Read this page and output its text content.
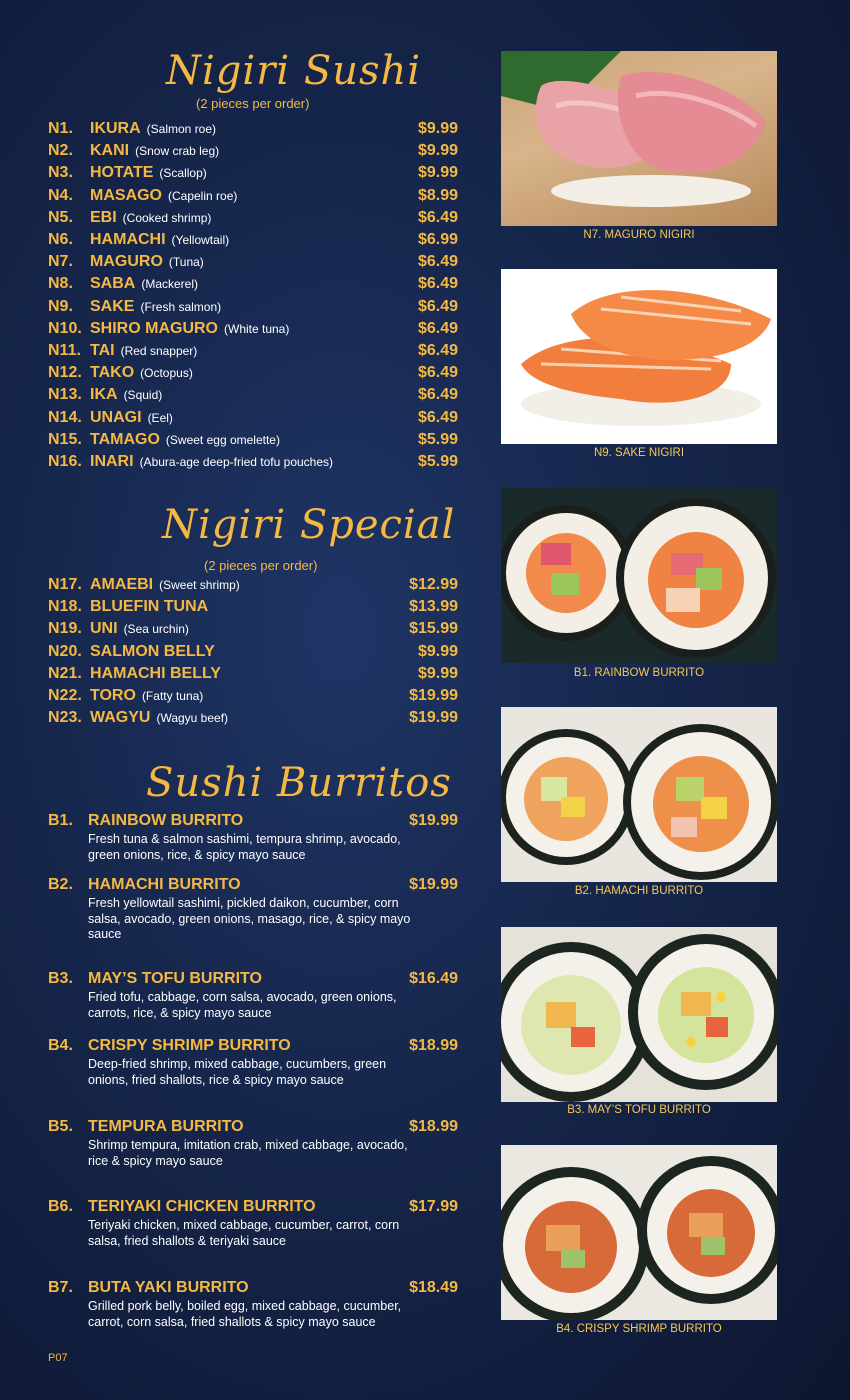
Nigiri Sushi
(2 pieces per order)
N1. IKURA (Salmon roe)	$9.99
N2. KANI (Snow crab leg)	$9.99
N3. HOTATE (Scallop)	$9.99
N4. MASAGO (Capelin roe)	$8.99
N5. EBI (Cooked shrimp)	$6.49
N6. HAMACHI (Yellowtail)	$6.99
N7. MAGURO (Tuna)	$6.49
N8. SABA (Mackerel)	$6.49
N9. SAKE (Fresh salmon)	$6.49
N10. SHIRO MAGURO (White tuna)	$6.49
N11. TAI (Red snapper)	$6.49
N12. TAKO (Octopus)	$6.49
N13. IKA (Squid)	$6.49
N14. UNAGI (Eel)	$6.49
N15. TAMAGO (Sweet egg omelette)	$5.99
N16. INARI (Abura-age deep-fried tofu pouches)	$5.99
Nigiri Special
(2 pieces per order)
N17. AMAEBI (Sweet shrimp)	$12.99
N18. BLUEFIN TUNA	$13.99
N19. UNI (Sea urchin)	$15.99
N20. SALMON BELLY	$9.99
N21. HAMACHI BELLY	$9.99
N22. TORO (Fatty tuna)	$19.99
N23. WAGYU (Wagyu beef)	$19.99
Sushi Burritos
B1. RAINBOW BURRITO	$19.99
Fresh tuna & salmon sashimi, tempura shrimp, avocado, green onions, rice, & spicy mayo sauce
B2. HAMACHI BURRITO	$19.99
Fresh yellowtail sashimi, pickled daikon, cucumber, corn salsa, avocado, green onions, masago, rice, & spicy mayo sauce
B3. MAY’S TOFU BURRITO	$16.49
Fried tofu, cabbage, corn salsa, avocado, green onions, carrots, rice, & spicy mayo sauce
B4. CRISPY SHRIMP BURRITO	$18.99
Deep-fried shrimp, mixed cabbage, cucumbers, green onions, fried shallots, rice & spicy mayo sauce
B5. TEMPURA BURRITO	$18.99
Shrimp tempura, imitation crab, mixed cabbage, avocado, rice & spicy mayo sauce
B6. TERIYAKI CHICKEN BURRITO	$17.99
Teriyaki chicken, mixed cabbage, cucumber, carrot, corn salsa, fried shallots & teriyaki sauce
B7. BUTA YAKI BURRITO	$18.49
Grilled pork belly, boiled egg, mixed cabbage, cucumber, carrot, corn salsa, fried shallots & spicy mayo sauce
P07
N7. MAGURO NIGIRI
N9. SAKE NIGIRI
B1. RAINBOW BURRITO
B2. HAMACHI BURRITO
B3. MAY’S TOFU BURRITO
B4. CRISPY SHRIMP BURRITO
